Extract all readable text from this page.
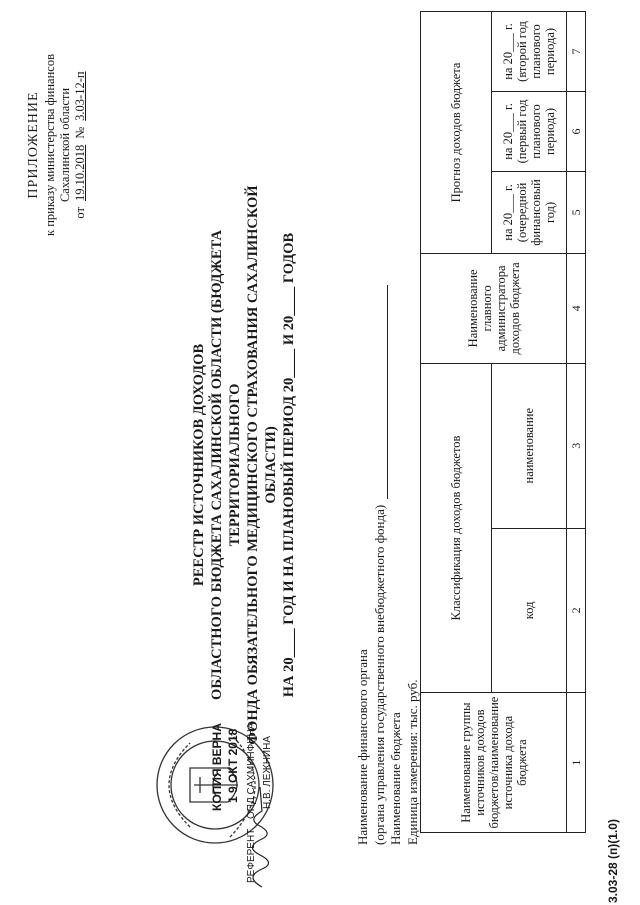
ПРИЛОЖЕНИЕ к приказу министерства финансов Сахалинской области
от
19.10.2018
№
3.03-12-п
РЕЕСТР ИСТОЧНИКОВ ДОХОДОВ ОБЛАСТНОГО БЮДЖЕТА САХАЛИНСКОЙ ОБЛАСТИ (БЮДЖЕТА ТЕРРИТОРИАЛЬНОГО ФОНДА ОБЯЗАТЕЛЬНОГО МЕДИЦИНСКОГО СТРАХОВАНИЯ САХАЛИНСКОЙ ОБЛАСТИ) НА 20____ ГОД И НА ПЛАНОВЫЙ ПЕРИОД 20____ И 20____ ГОДОВ
Наименование финансового органа (органа управления государственного внебюджетного фонда) Наименование бюджета Единица измерения: тыс. руб.	Наименование группы источников доходов бюджетов/наименование источника дохода бюджета	Классификация доходов бюджетов		Наименование главного администратора доходов бюджета	Прогноз доходов бюджета		
	код	наименование		на 20___ г. (очередной финансовый год)	на 20___ г. (первый год планового периода)	на 20___ г. (второй год планового периода)
1	2	3	4	5	6	7
КОПИЯ ВЕРНА 1 9 ОКТ 2018
РЕФЕРЕНТ
ОПД САХМИНФИНА Н.В. ЛЕЖНИНА
3.03-28 (п)(1.0)
